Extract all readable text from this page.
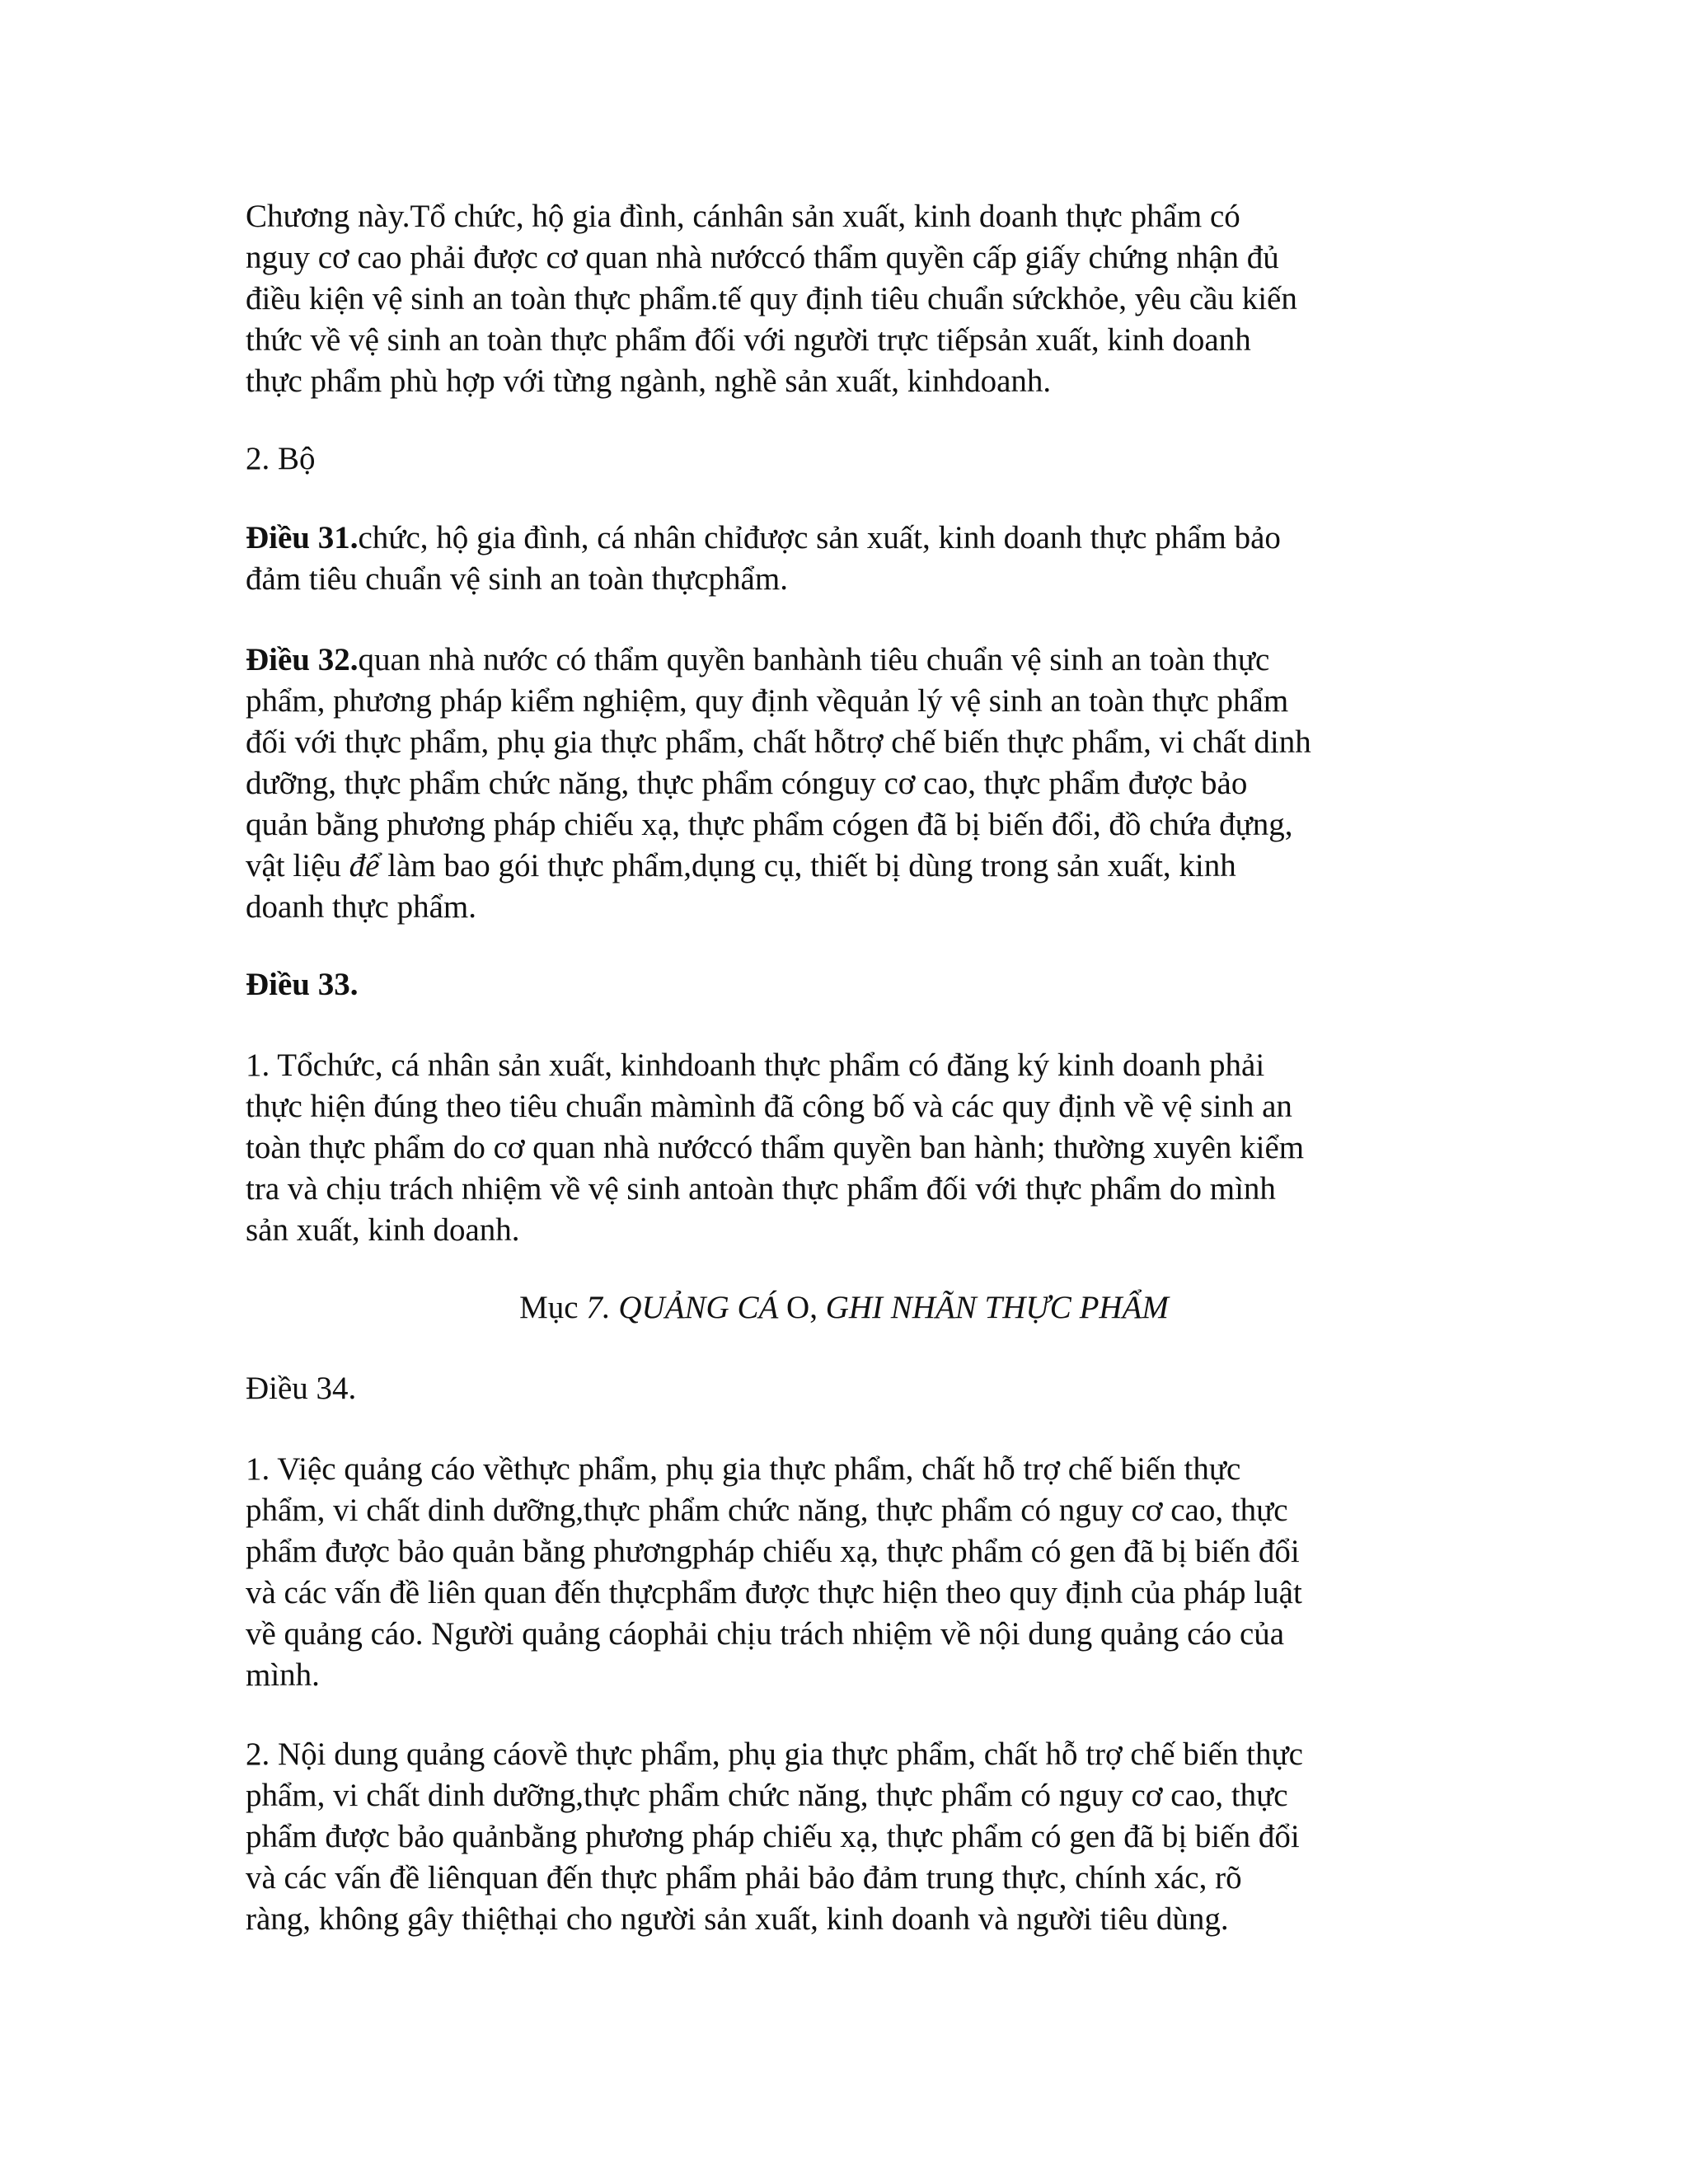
Chương này.Tổ chức, hộ gia đình, cánhân sản xuất, kinh doanh thực phẩm có
nguy cơ cao phải được cơ quan nhà nướccó thẩm quyền cấp giấy chứng nhận đủ
điều kiện vệ sinh an toàn thực phẩm.tế quy định tiêu chuẩn sứckhỏe, yêu cầu kiến
thức về vệ sinh an toàn thực phẩm đối với người trực tiếpsản xuất, kinh doanh
thực phẩm phù hợp với từng ngành, nghề sản xuất, kinhdoanh.
2. Bộ
Điều 31.chức, hộ gia đình, cá nhân chỉđược sản xuất, kinh doanh thực phẩm bảo
đảm tiêu chuẩn vệ sinh an toàn thựcphẩm.
Điều 32.quan nhà nước có thẩm quyền banhành tiêu chuẩn vệ sinh an toàn thực
phẩm, phương pháp kiểm nghiệm, quy định vềquản lý vệ sinh an toàn thực phẩm
đối với thực phẩm, phụ gia thực phẩm, chất hỗtrợ chế biến thực phẩm, vi chất dinh
dưỡng, thực phẩm chức năng, thực phẩm cónguy cơ cao, thực phẩm được bảo
quản bằng phương pháp chiếu xạ, thực phẩm cógen đã bị biến đổi, đồ chứa đựng,
vật liệu để làm bao gói thực phẩm,dụng cụ, thiết bị dùng trong sản xuất, kinh
doanh thực phẩm.
Điều 33.
1. Tổchức, cá nhân sản xuất, kinhdoanh thực phẩm có đăng ký kinh doanh phải
thực hiện đúng theo tiêu chuẩn màmình đã công bố và các quy định về vệ sinh an
toàn thực phẩm do cơ quan nhà nướccó thẩm quyền ban hành; thường xuyên kiểm
tra và chịu trách nhiệm về vệ sinh antoàn thực phẩm đối với thực phẩm do mình
sản xuất, kinh doanh.
Mục 7. QUẢNG CÁ O, GHI NHÃN THỰC PHẨM
Điều 34.
1. Việc quảng cáo vềthực phẩm, phụ gia thực phẩm, chất hỗ trợ chế biến thực
phẩm, vi chất dinh dưỡng,thực phẩm chức năng, thực phẩm có nguy cơ cao, thực
phẩm được bảo quản bằng phươngpháp chiếu xạ, thực phẩm có gen đã bị biến đổi
và các vấn đề liên quan đến thựcphẩm được thực hiện theo quy định của pháp luật
về quảng cáo. Người quảng cáophải chịu trách nhiệm về nội dung quảng cáo của
mình.
2. Nội dung quảng cáovề thực phẩm, phụ gia thực phẩm, chất hỗ trợ chế biến thực
phẩm, vi chất dinh dưỡng,thực phẩm chức năng, thực phẩm có nguy cơ cao, thực
phẩm được bảo quảnbằng phương pháp chiếu xạ, thực phẩm có gen đã bị biến đổi
và các vấn đề liênquan đến thực phẩm phải bảo đảm trung thực, chính xác, rõ
ràng, không gây thiệthại cho người sản xuất, kinh doanh và người tiêu dùng.
